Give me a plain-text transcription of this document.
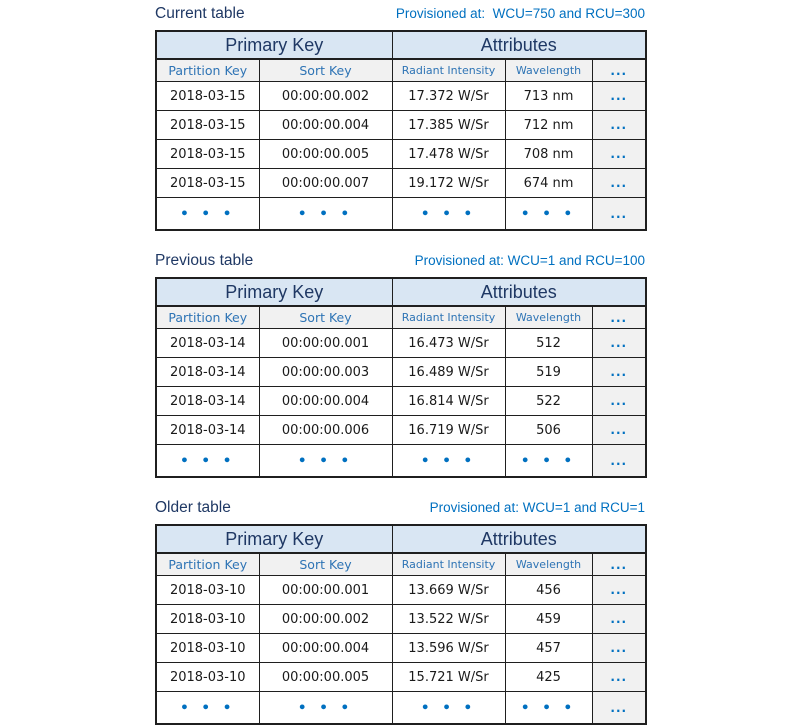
Current table	Provisioned at:  WCU=750 and RCU=300
Primary Key		Attributes		
Partition Key	Sort Key	Radiant Intensity	Wavelength	...
2018-03-15	00:00:00.002	17.372 W/Sr	713 nm	...
2018-03-15	00:00:00.004	17.385 W/Sr	712 nm	...
2018-03-15	00:00:00.005	17.478 W/Sr	708 nm	...
2018-03-15	00:00:00.007	19.172 W/Sr	674 nm	...
• • •	• • •	• • •	• • •	...
Previous table	Provisioned at: WCU=1 and RCU=100
Primary Key		Attributes		
Partition Key	Sort Key	Radiant Intensity	Wavelength	...
2018-03-14	00:00:00.001	16.473 W/Sr	512	...
2018-03-14	00:00:00.003	16.489 W/Sr	519	...
2018-03-14	00:00:00.004	16.814 W/Sr	522	...
2018-03-14	00:00:00.006	16.719 W/Sr	506	...
• • •	• • •	• • •	• • •	...
Older table	Provisioned at: WCU=1 and RCU=1
Primary Key		Attributes		
Partition Key	Sort Key	Radiant Intensity	Wavelength	...
2018-03-10	00:00:00.001	13.669 W/Sr	456	...
2018-03-10	00:00:00.002	13.522 W/Sr	459	...
2018-03-10	00:00:00.004	13.596 W/Sr	457	...
2018-03-10	00:00:00.005	15.721 W/Sr	425	...
• • •	• • •	• • •	• • •	...
